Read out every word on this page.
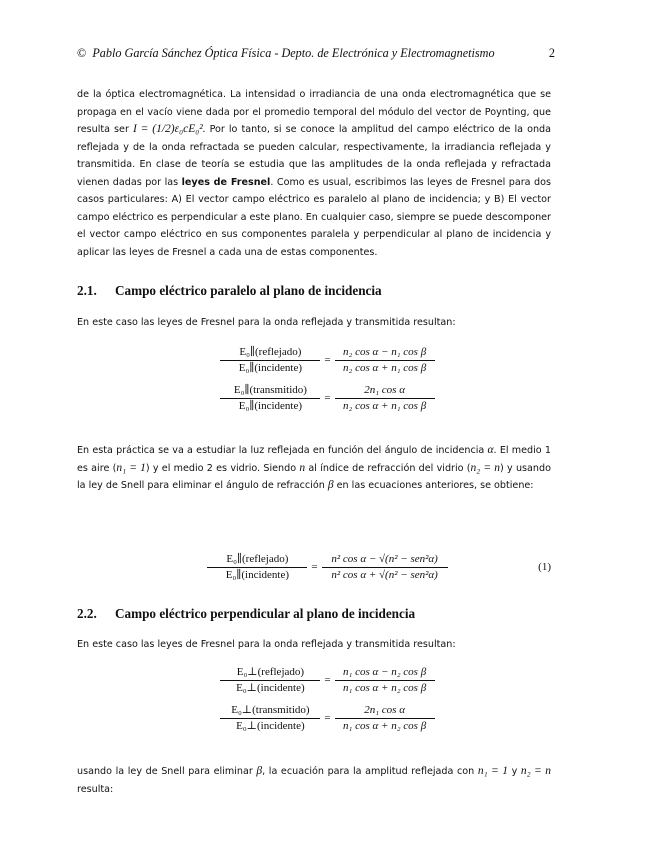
© Pablo García Sánchez Óptica Física - Depto. de Electrónica y Electromagnetismo	2

de la óptica electromagnética. La intensidad o irradiancia de una onda electromagnética que se propaga en el vacío viene dada por el promedio temporal del módulo del vector de Poynting, que resulta ser I = (1/2)ε₀cE₀². Por lo tanto, si se conoce la amplitud del campo eléctrico de la onda reflejada y de la onda refractada se pueden calcular, respectivamente, la irradiancia reflejada y transmitida. En clase de teoría se estudia que las amplitudes de la onda reflejada y refractada vienen dadas por las leyes de Fresnel. Como es usual, escribimos las leyes de Fresnel para dos casos particulares: A) El vector campo eléctrico es paralelo al plano de incidencia; y B) El vector campo eléctrico es perpendicular a este plano. En cualquier caso, siempre se puede descomponer el vector campo eléctrico en sus componentes paralela y perpendicular al plano de incidencia y aplicar las leyes de Fresnel a cada una de estas componentes.

2.1. Campo eléctrico paralelo al plano de incidencia

En este caso las leyes de Fresnel para la onda reflejada y transmitida resultan:

$\frac{\text{E₀∥(reflejado)}}{\text{E₀∥(incidente)}} = \frac{\text{n₂ cos α − n₁ cos β}}{\text{n₂ cos α + n₁ cos β}}$
$\frac{\text{E₀∥(transmitido)}}{\text{E₀∥(incidente)}} = \frac{\text{2n₁ cos α}}{\text{n₂ cos α + n₁ cos β}}$

En esta práctica se va a estudiar la luz reflejada en función del ángulo de incidencia α. El medio 1 es aire (n₁ = 1) y el medio 2 es vidrio. Siendo n al índice de refracción del vidrio (n₂ = n) y usando la ley de Snell para eliminar el ángulo de refracción β en las ecuaciones anteriores, se obtiene:

$\frac{\text{E₀∥(reflejado)}}{\text{E₀∥(incidente)}} = \frac{\text{n² cos α − √(n² − sen²α)}}{\text{n² cos α + √(n² − sen²α)}}$	(1)
2.2. Campo eléctrico perpendicular al plano de incidencia

En este caso las leyes de Fresnel para la onda reflejada y transmitida resultan:

$\frac{\text{E₀⊥(reflejado)}}{\text{E₀⊥(incidente)}} = \frac{\text{n₁ cos α − n₂ cos β}}{\text{n₁ cos α + n₂ cos β}}$
$\frac{\text{E₀⊥(transmitido)}}{\text{E₀⊥(incidente)}} = \frac{\text{2n₁ cos α}}{\text{n₁ cos α + n₂ cos β}}$

usando la ley de Snell para eliminar β, la ecuación para la amplitud reflejada con n₁ = 1 y n₂ = n resulta:
